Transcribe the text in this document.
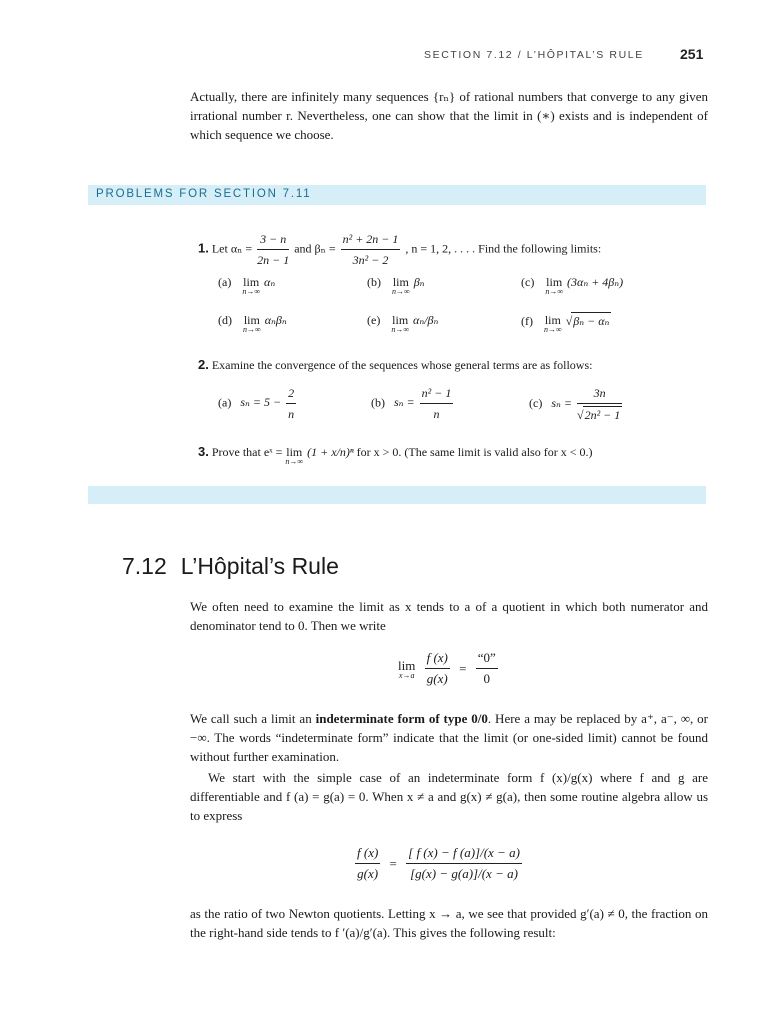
SECTION 7.12 / L’HÔPITAL’S RULE	251
Actually, there are infinitely many sequences {rₙ} of rational numbers that converge to any given irrational number r. Nevertheless, one can show that the limit in (∗) exists and is independent of which sequence we choose.
PROBLEMS FOR SECTION 7.11
1. Let $\alpha_n = \frac{3 - n}{2n - 1}$ and $\beta_n = \frac{\text{n² + 2n − 1}}{\text{3n² − 2}}$ , n = 1, 2, . . . . Find the following limits:
(a) lim
n→∞
αₙ	(b) lim
n→∞
βₙ	(c) lim
n→∞
(3αₙ + 4βₙ)
(d) lim
n→∞
αₙβₙ	(e) lim
n→∞
αₙ/βₙ	(f) lim
n→∞
√βₙ − αₙ
2. Examine the convergence of the sequences whose general terms are as follows:
(a) $s_n = 5 - \frac{2}{n}$	(b) $s_n = \frac{\text{n² − 1}}{n}$	(c) $s_n = \frac{3n}{\text{√2n² − 1}}$
3. Prove that eˣ = lim
n→∞
(1 + x/n)ⁿ for x > 0. (The same limit is valid also for x < 0.)
7.12 L’Hôpital’s Rule
We often need to examine the limit as x tends to a of a quotient in which both numerator and denominator tend to 0. Then we write
lim
x→a
$\frac{f (x)}{g(x)} = \frac{“0”}{0}$
We call such a limit an indeterminate form of type 0/0. Here a may be replaced by a⁺, a⁻, ∞, or −∞. The words “indeterminate form” indicate that the limit (or one-sided limit) cannot be found without further examination.
We start with the simple case of an indeterminate form f (x)/g(x) where f and g are differentiable and f (a) = g(a) = 0. When x ≠ a and g(x) ≠ g(a), then some routine algebra allow us to express
$\frac{f (x)}{g(x)} = \frac{[ f (x) - f (a)]/(x - a)}{[g(x) - g(a)]/(x - a)}$
as the ratio of two Newton quotients. Letting x → a, we see that provided g′(a) ≠ 0, the fraction on the right-hand side tends to f ′(a)/g′(a). This gives the following result:
